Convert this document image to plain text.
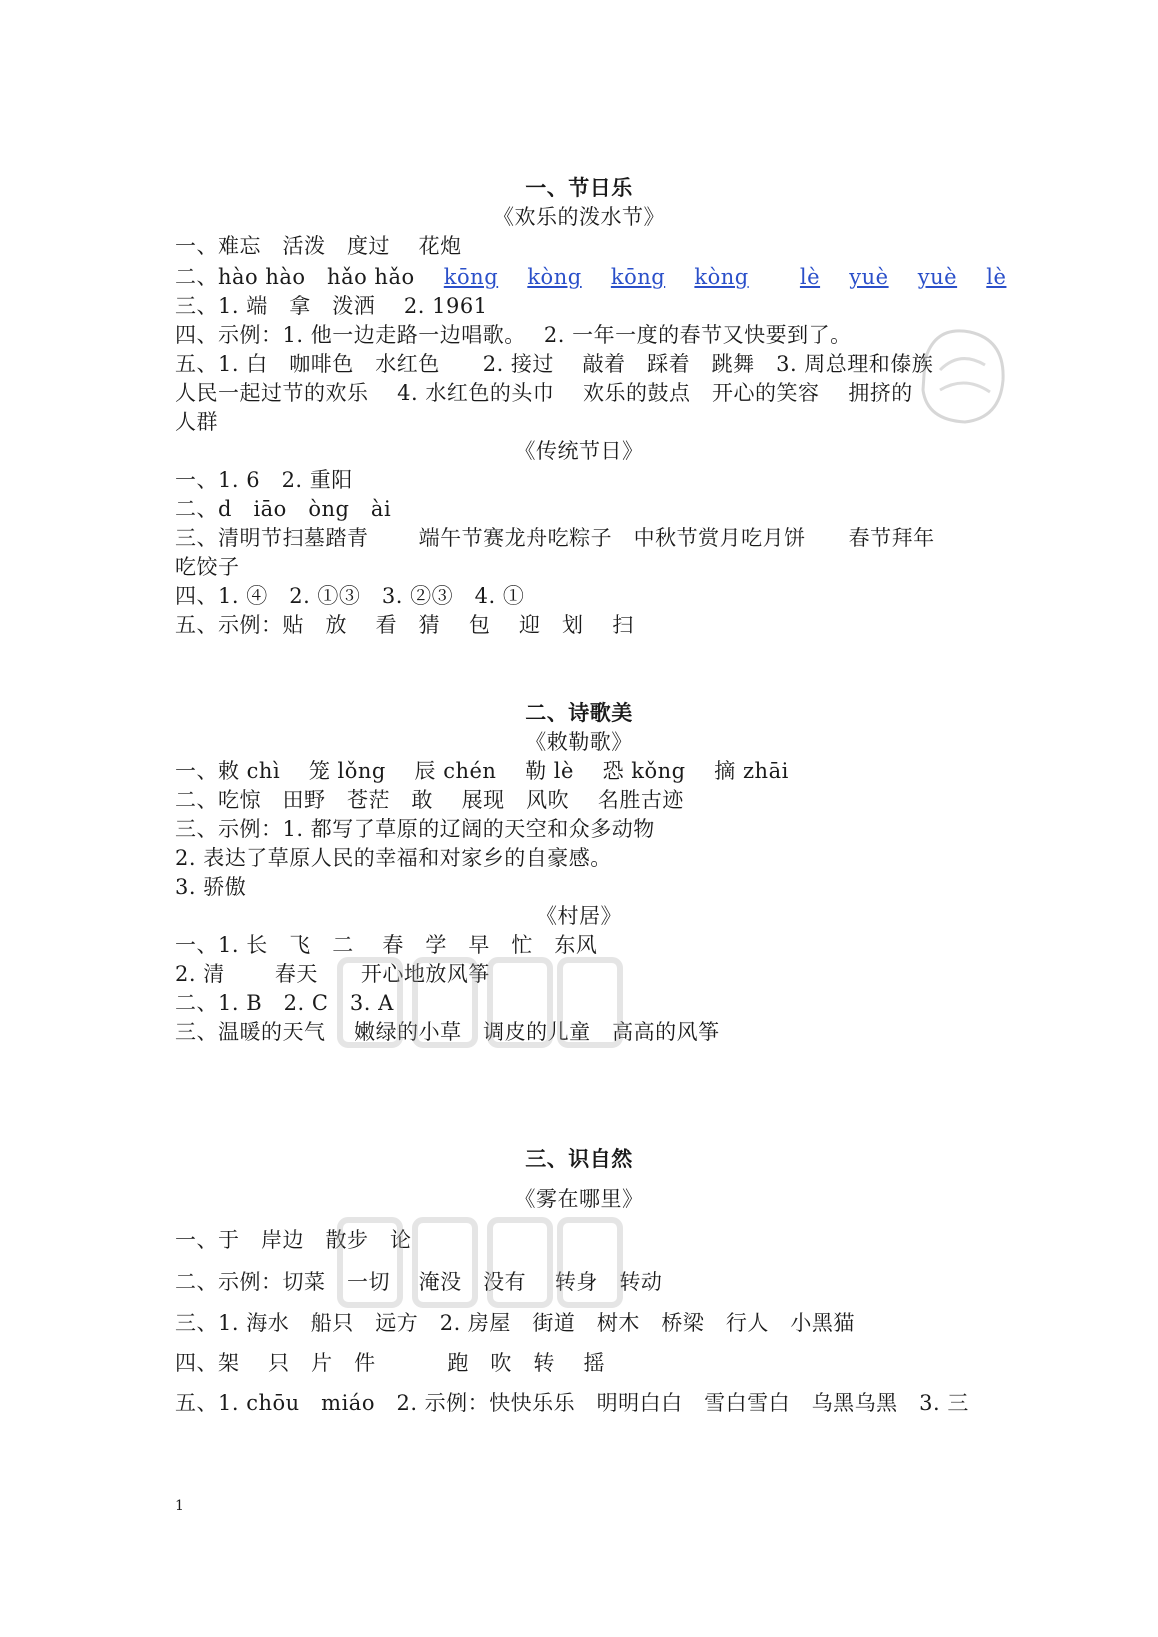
一、节日乐
《欢乐的泼水节》
一、难忘　活泼　度过　 花炮
二、hào hào　hǎo hǎo kōng kòng kōng kòng lè yuè yuè lè
三、1. 端　拿　泼洒　 2. 1961
四、示例：1. 他一边走路一边唱歌。　 2. 一年一度的春节又快要到了。
五、1. 白　咖啡色　水红色　　2. 接过　 敲着　踩着　跳舞　3. 周总理和傣族
人民一起过节的欢乐　 4. 水红色的头巾　 欢乐的鼓点　开心的笑容　 拥挤的
人群
《传统节日》
一、1. 6　2. 重阳
二、d　iāo　òng　ài
三、清明节扫墓踏青　　 端午节赛龙舟吃粽子　中秋节赏月吃月饼　　春节拜年
吃饺子
四、1. ④　2. ①③　3. ②③　4. ①
五、示例：贴　放　 看　猜　 包　 迎　划　 扫
二、诗歌美
《敕勒歌》
一、敕 chì　 笼 lǒng　 辰 chén　 勒 lè　 恐 kǒng　 摘 zhāi
二、吃惊　田野　苍茫　敢　 展现　风吹　 名胜古迹
三、示例：1. 都写了草原的辽阔的天空和众多动物
2. 表达了草原人民的幸福和对家乡的自豪感。
3. 骄傲
《村居》
一、1. 长　飞　二　 春　学　早　忙　东风
2. 清　　 春天　　开心地放风筝
二、1. B　2. C　3. A
三、温暖的天气　 嫩绿的小草　调皮的儿童　高高的风筝
三、识自然
《雾在哪里》
一、于　岸边　散步　论
二、示例：切菜　一切　 淹没　没有　 转身　转动
三、1. 海水　船只　远方　2. 房屋　街道　树木　桥梁　行人　小黑猫
四、架　 只　片　件　　　 跑　吹　转　 摇
五、1. chōu　miáo　2. 示例：快快乐乐　明明白白　雪白雪白　乌黑乌黑　3. 三
1
